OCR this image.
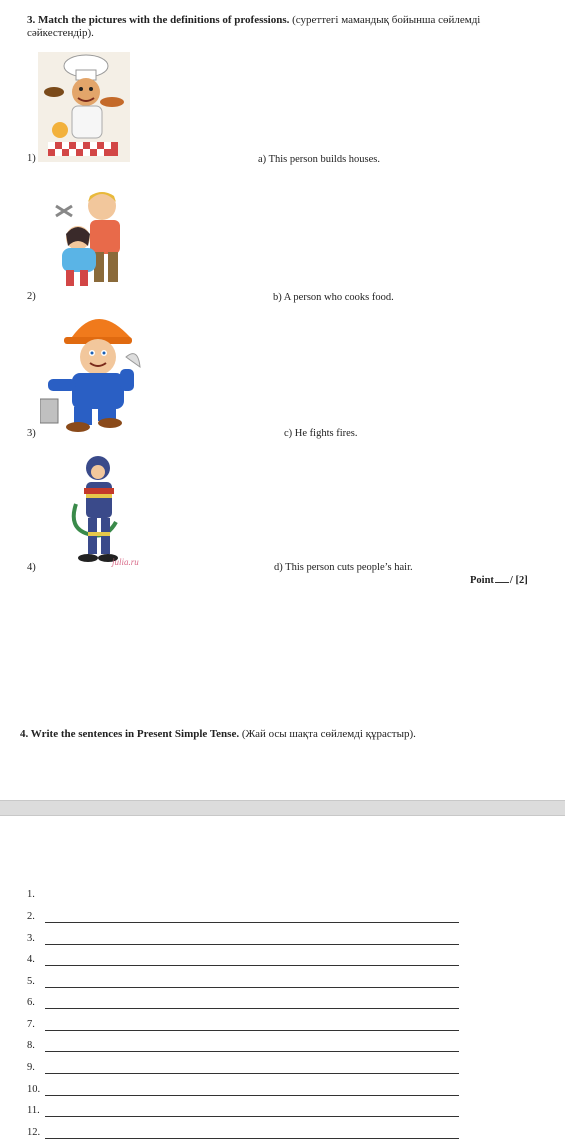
3. Match the pictures with the definitions of professions. (суреттегі мамандық бойынша сөйлемді сәйкестендір).
1)	a) This person builds houses.
2)	b) A person who cooks food.
3)	c) He fights fires.
julia.ru
4)	d) This person cuts people’s hair.
Point / [2]
4. Write the sentences in Present Simple Tense. (Жай осы шақта сөйлемді құрастыр).
1.
2.
3.
4.
5.
6.
7.
8.
9.
10.
11.
12.
